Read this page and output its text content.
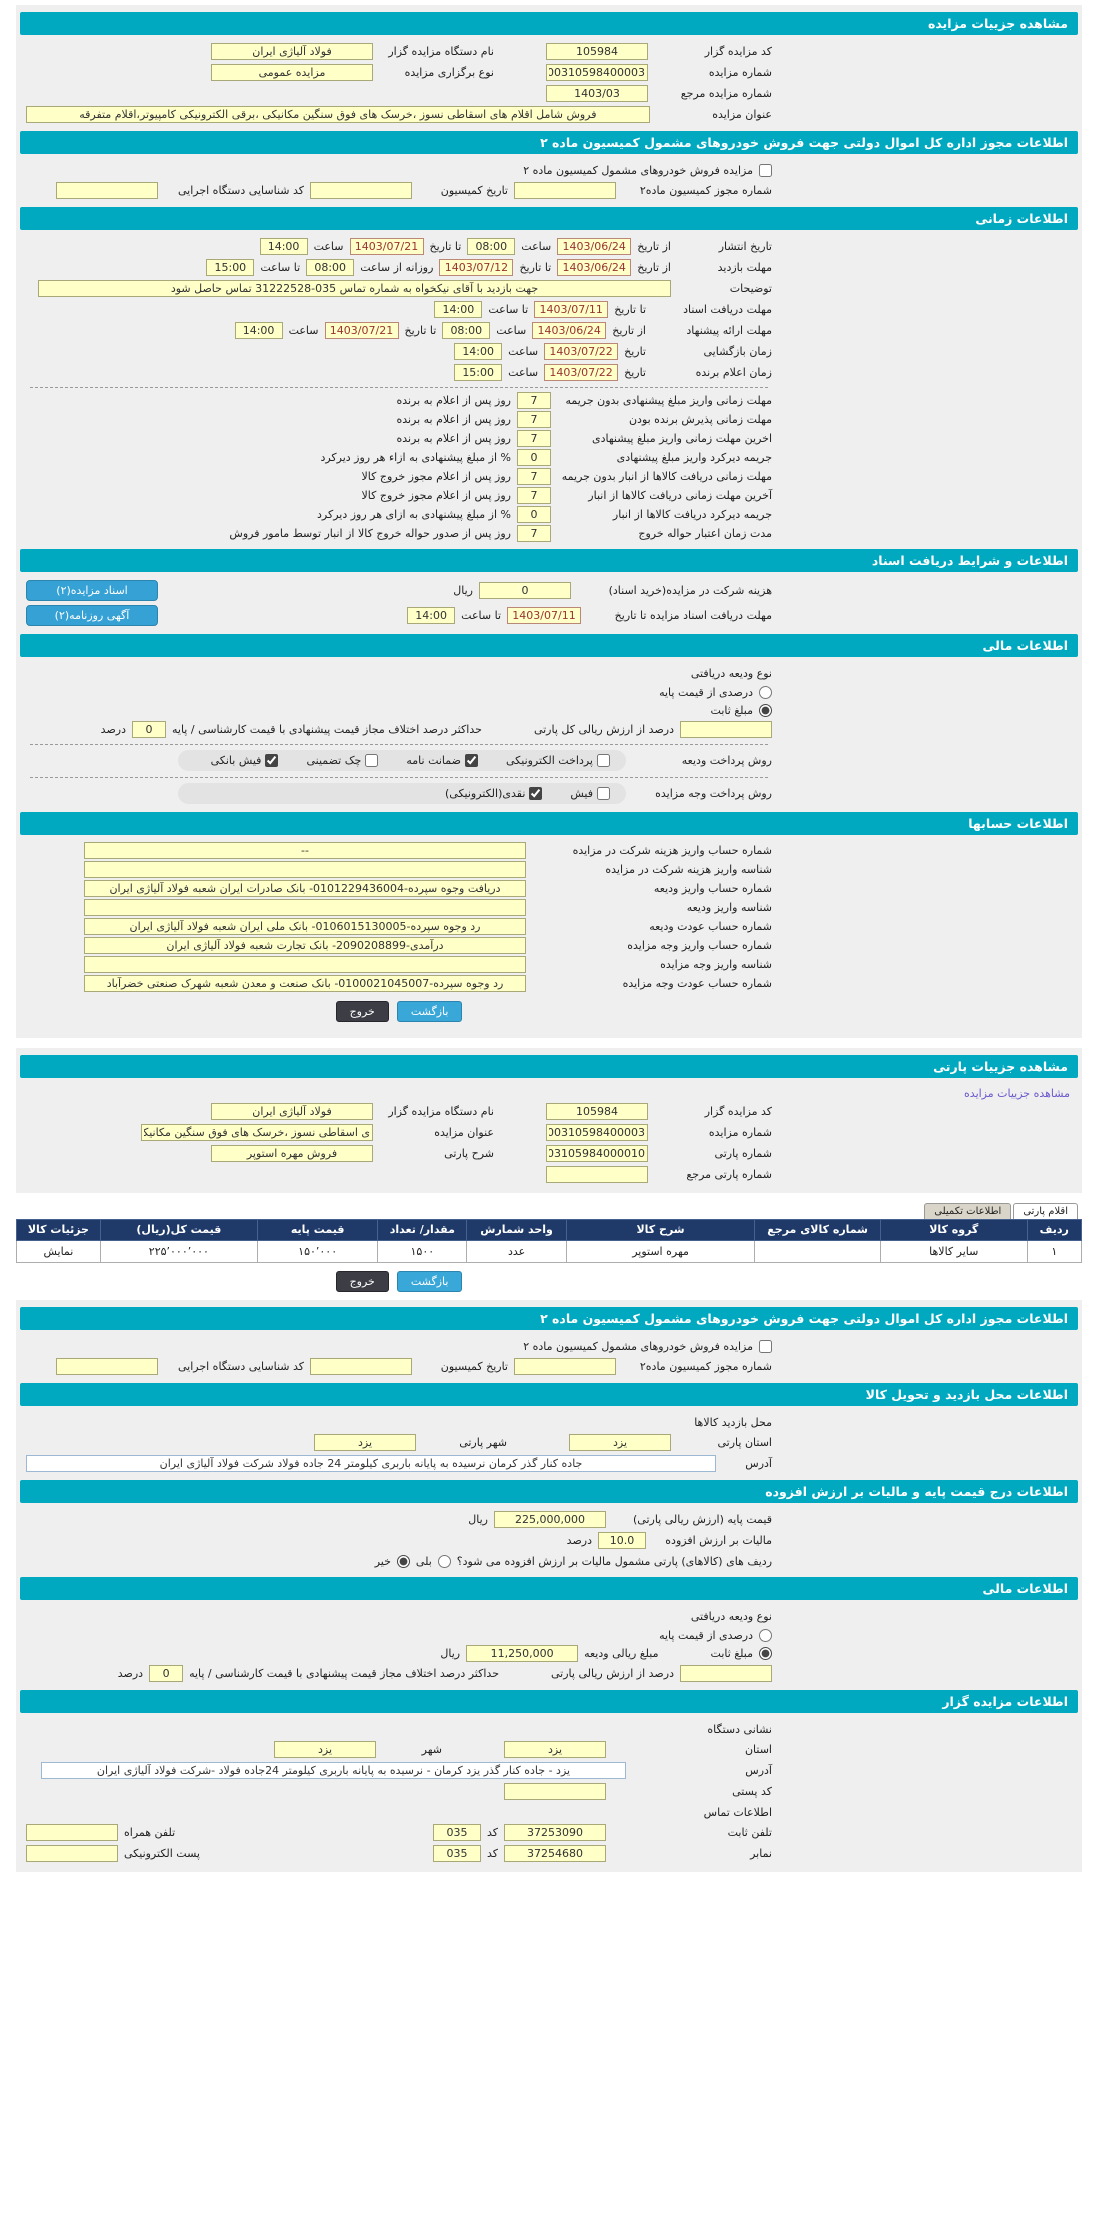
مشاهده جزییات مزایده
کد مزایده گزار
105984
نام دستگاه مزایده گزار
فولاد آلیاژی ایران
شماره مزایده
100310598400003
نوع برگزاری مزایده
مزایده عمومی
شماره مزایده مرجع
1403/03
عنوان مزایده
فروش شامل اقلام های اسقاطی نسوز ،خرسک های فوق سنگین مکانیکی ،برقی الکترونیکی کامپیوتر،اقلام متفرقه
اطلاعات مجوز اداره کل اموال دولتی جهت فروش خودروهای مشمول کمیسیون ماده ۲
مزایده فروش خودروهای مشمول کمیسیون ماده ۲
شماره مجوز کمیسیون ماده۲
تاریخ کمیسیون
کد شناسایی دستگاه اجرایی
اطلاعات زمانی
تاریخ انتشار
از تاریخ
1403/06/24
ساعت
08:00
تا تاریخ
1403/07/21
ساعت
14:00
مهلت بازدید
از تاریخ
1403/06/24
تا تاریخ
1403/07/12
روزانه از ساعت
08:00
تا ساعت
15:00
توضیحات
جهت بازدید با آقای نیکخواه به شماره تماس 035-31222528 تماس حاصل شود
مهلت دریافت اسناد
تا تاریخ
1403/07/11
تا ساعت
14:00
مهلت ارائه پیشنهاد
از تاریخ
1403/06/24
ساعت
08:00
تا تاریخ
1403/07/21
ساعت
14:00
زمان بازگشایی
تاریخ
1403/07/22
ساعت
14:00
زمان اعلام برنده
تاریخ
1403/07/22
ساعت
15:00
مهلت زمانی واریز مبلغ پیشنهادی بدون جریمه
7
روز پس از اعلام به برنده
مهلت زمانی پذیرش برنده بودن
7
روز پس از اعلام به برنده
اخرین مهلت زمانی واریز مبلغ پیشنهادی
7
روز پس از اعلام به برنده
جریمه دیرکرد واریز مبلغ پیشنهادی
0
% از مبلغ پیشنهادی به ازاء هر روز دیرکرد
مهلت زمانی دریافت کالاها از انبار بدون جریمه
7
روز پس از اعلام مجوز خروج کالا
آخرین مهلت زمانی دریافت کالاها از انبار
7
روز پس از اعلام مجوز خروج کالا
جریمه دیرکرد دریافت کالاها از انبار
0
% از مبلغ پیشنهادی به ازای هر روز دیرکرد
مدت زمان اعتبار حواله خروج
7
روز پس از صدور حواله خروج کالا از انبار توسط مامور فروش
اطلاعات و شرایط دریافت اسناد
هزینه شرکت در مزایده(خرید اسناد)
0
ریال
اسناد مزایده(۲)
مهلت دریافت اسناد مزایده تا تاریخ
1403/07/11
تا ساعت
14:00
آگهی روزنامه(۲)
اطلاعات مالی
نوع ودیعه دریافتی
درصدی از قیمت پایه
مبلغ ثابت
درصد از ارزش ریالی کل پارتی
حداکثر درصد اختلاف مجاز قیمت پیشنهادی با قیمت کارشناسی / پایه
0
درصد
روش پرداخت ودیعه
پرداخت الکترونیکی
ضمانت نامه
چک تضمینی
فیش بانکی
روش پرداخت وجه مزایده
فیش
نقدی(الکترونیکی)
اطلاعات حسابها
شماره حساب واریز هزینه شرکت در مزایده
--
شناسه واریز هزینه شرکت در مزایده
شماره حساب واریز ودیعه
دریافت وجوه سپرده-0101229436004- بانک صادرات ایران شعبه فولاد آلیاژی ایران
شناسه واریز ودیعه
شماره حساب عودت ودیعه
رد وجوه سپرده-0106015130005- بانک ملی ایران شعبه فولاد آلیاژی ایران
شماره حساب واریز وجه مزایده
درآمدی-2090208899- بانک تجارت شعبه فولاد آلیاژی ایران
شناسه واریز وجه مزایده
شماره حساب عودت وجه مزایده
رد وجوه سپرده-0100021045007- بانک صنعت و معدن شعبه شهرک صنعتی خضرآباد
بازگشت
خروج
مشاهده جزییات پارتی
مشاهده جزییات مزایده
کد مزایده گزار
105984
نام دستگاه مزایده گزار
فولاد آلیاژی ایران
شماره مزایده
100310598400003
عنوان مزایده
ی اسقاطی نسوز ،خرسک های فوق سنگین مکانیکی ،برقی الکترونیکی
شماره پارتی
1103105984000010
شرح پارتی
فروش مهره استوپر
شماره پارتی مرجع
اقلام پارتی
اطلاعات تکمیلی
ردیف	گروه کالا	شماره کالای مرجع	شرح کالا	واحد شمارش	مقدار/ تعداد	قیمت پایه	قیمت کل(ریال)	جزئیات کالا
۱	سایر کالاها		مهره استوپر	عدد	۱۵۰۰	۱۵۰٬۰۰۰	۲۲۵٬۰۰۰٬۰۰۰	نمایش
بازگشت
خروج
اطلاعات مجوز اداره کل اموال دولتی جهت فروش خودروهای مشمول کمیسیون ماده ۲
مزایده فروش خودروهای مشمول کمیسیون ماده ۲
شماره مجوز کمیسیون ماده۲
تاریخ کمیسیون
کد شناسایی دستگاه اجرایی
اطلاعات محل بازدید و تحویل کالا
محل بازدید کالاها
استان پارتی
یزد
شهر پارتی
یزد
آدرس
جاده کنار گذر کرمان نرسیده به پایانه باربری کیلومتر 24 جاده فولاد شرکت فولاد آلیاژی ایران
اطلاعات درج قیمت پایه و مالیات بر ارزش افزوده
قیمت پایه (ارزش ریالی پارتی)
225,000,000
ریال
مالیات بر ارزش افزوده
10.0
درصد
ردیف های (کالاهای) پارتی مشمول مالیات بر ارزش افزوده می شود؟
بلی
خیر
اطلاعات مالی
نوع ودیعه دریافتی
درصدی از قیمت پایه
مبلغ ثابت
مبلغ ریالی ودیعه
11,250,000
ریال
درصد از ارزش ریالی پارتی
حداکثر درصد اختلاف مجاز قیمت پیشنهادی با قیمت کارشناسی / پایه
0
درصد
اطلاعات مزایده گزار
نشانی دستگاه
استان
یزد
شهر
یزد
آدرس
یزد - جاده کنار گذر یزد کرمان - نرسیده به پایانه باربری کیلومتر 24جاده فولاد -شرکت فولاد آلیاژی ایران
کد پستی
اطلاعات تماس
تلفن ثابت
37253090
کد
035
تلفن همراه
نمابر
37254680
کد
035
پست الکترونیکی
